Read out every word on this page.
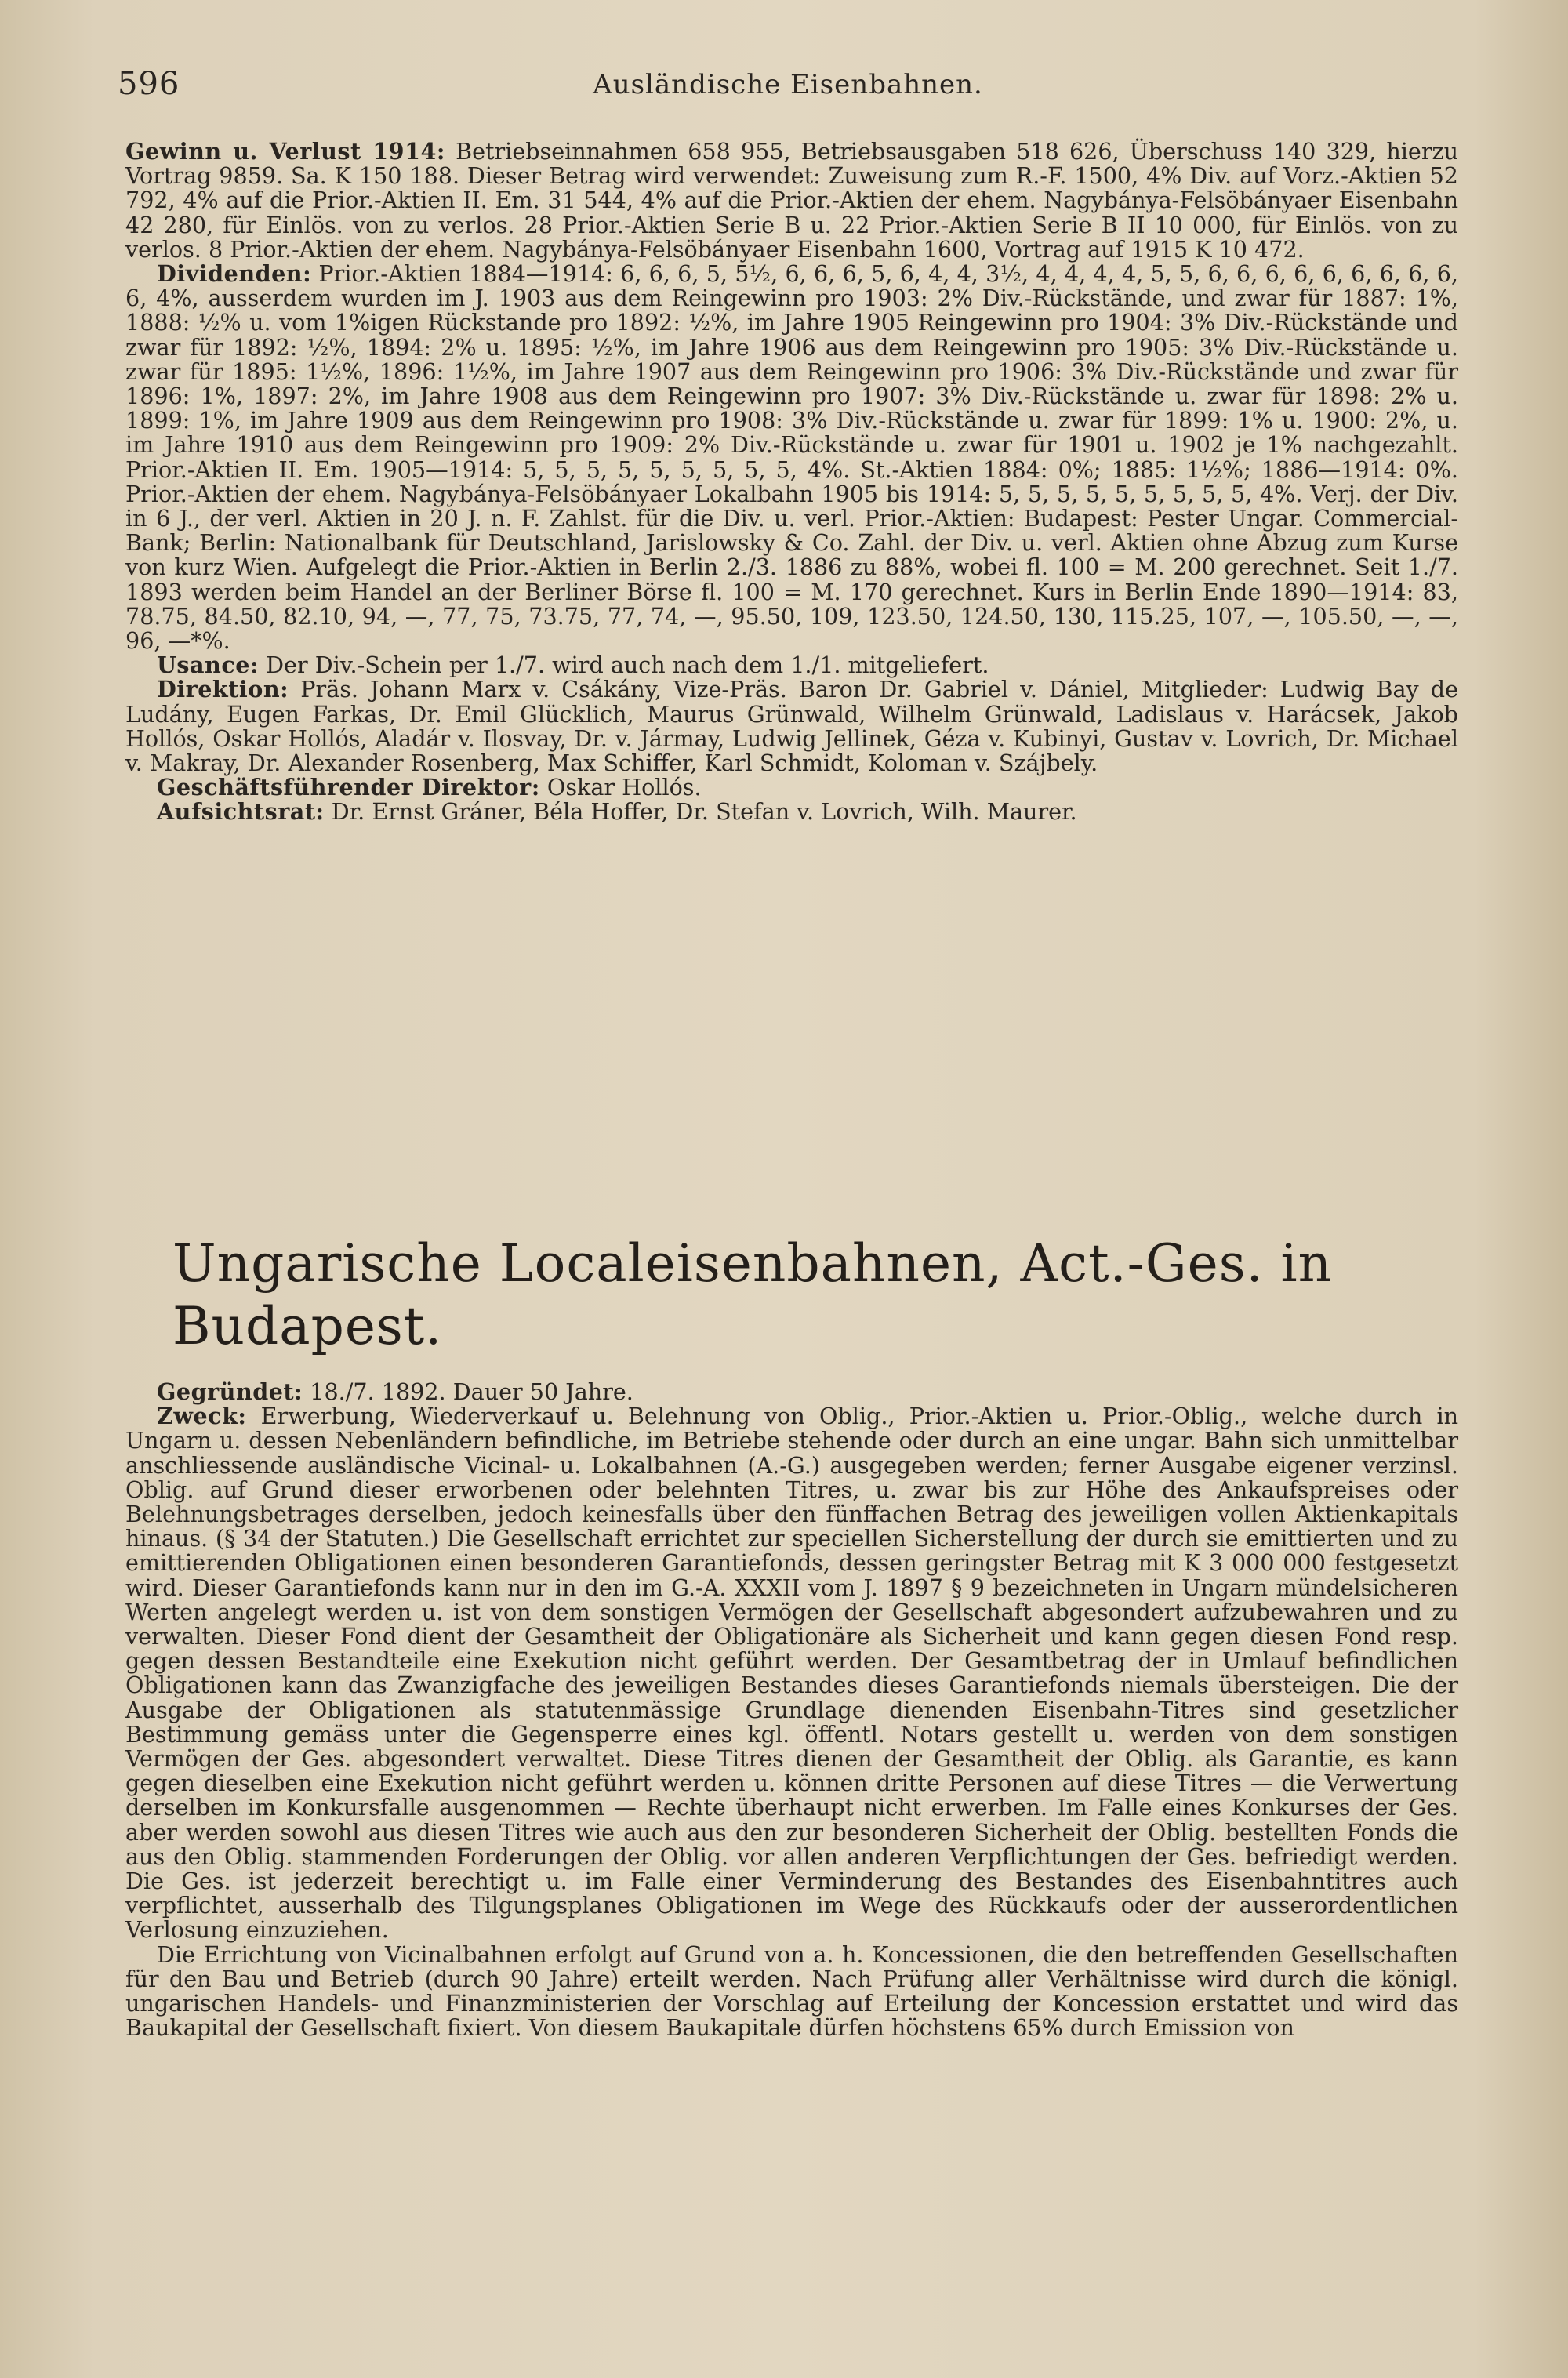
596	Ausländische Eisenbahnen.

Gewinn u. Verlust 1914: Betriebseinnahmen 658 955, Betriebsausgaben 518 626, Überschuss 140 329, hierzu Vortrag 9859. Sa. K 150 188. Dieser Betrag wird verwendet: Zuweisung zum R.-F. 1500, 4% Div. auf Vorz.-Aktien 52 792, 4% auf die Prior.-Aktien II. Em. 31 544, 4% auf die Prior.-Aktien der ehem. Nagybánya-Felsöbányaer Eisenbahn 42 280, für Einlös. von zu verlos. 28 Prior.-Aktien Serie B u. 22 Prior.-Aktien Serie B II 10 000, für Einlös. von zu verlos. 8 Prior.-Aktien der ehem. Nagybánya-Felsöbányaer Eisenbahn 1600, Vortrag auf 1915 K 10 472.

Dividenden: Prior.-Aktien 1884—1914: 6, 6, 6, 5, 5½, 6, 6, 6, 5, 6, 4, 4, 3½, 4, 4, 4, 4, 5, 5, 6, 6, 6, 6, 6, 6, 6, 6, 6, 6, 4%, ausserdem wurden im J. 1903 aus dem Reingewinn pro 1903: 2% Div.-Rückstände, und zwar für 1887: 1%, 1888: ½% u. vom 1%igen Rückstande pro 1892: ½%, im Jahre 1905 Reingewinn pro 1904: 3% Div.-Rückstände und zwar für 1892: ½%, 1894: 2% u. 1895: ½%, im Jahre 1906 aus dem Reingewinn pro 1905: 3% Div.-Rückstände u. zwar für 1895: 1½%, 1896: 1½%, im Jahre 1907 aus dem Reingewinn pro 1906: 3% Div.-Rückstände und zwar für 1896: 1%, 1897: 2%, im Jahre 1908 aus dem Reingewinn pro 1907: 3% Div.-Rückstände u. zwar für 1898: 2% u. 1899: 1%, im Jahre 1909 aus dem Reingewinn pro 1908: 3% Div.-Rückstände u. zwar für 1899: 1% u. 1900: 2%, u. im Jahre 1910 aus dem Reingewinn pro 1909: 2% Div.-Rückstände u. zwar für 1901 u. 1902 je 1% nachgezahlt. Prior.-Aktien II. Em. 1905—1914: 5, 5, 5, 5, 5, 5, 5, 5, 5, 4%. St.-Aktien 1884: 0%; 1885: 1½%; 1886—1914: 0%. Prior.-Aktien der ehem. Nagybánya-Felsöbányaer Lokalbahn 1905 bis 1914: 5, 5, 5, 5, 5, 5, 5, 5, 5, 4%. Verj. der Div. in 6 J., der verl. Aktien in 20 J. n. F. Zahlst. für die Div. u. verl. Prior.-Aktien: Budapest: Pester Ungar. Commercial-Bank; Berlin: Nationalbank für Deutschland, Jarislowsky & Co. Zahl. der Div. u. verl. Aktien ohne Abzug zum Kurse von kurz Wien. Aufgelegt die Prior.-Aktien in Berlin 2./3. 1886 zu 88%, wobei fl. 100 = M. 200 gerechnet. Seit 1./7. 1893 werden beim Handel an der Berliner Börse fl. 100 = M. 170 gerechnet. Kurs in Berlin Ende 1890—1914: 83, 78.75, 84.50, 82.10, 94, —, 77, 75, 73.75, 77, 74, —, 95.50, 109, 123.50, 124.50, 130, 115.25, 107, —, 105.50, —, —, 96, —*%.

Usance: Der Div.-Schein per 1./7. wird auch nach dem 1./1. mitgeliefert.

Direktion: Präs. Johann Marx v. Csákány, Vize-Präs. Baron Dr. Gabriel v. Dániel, Mitglieder: Ludwig Bay de Ludány, Eugen Farkas, Dr. Emil Glücklich, Maurus Grünwald, Wilhelm Grünwald, Ladislaus v. Harácsek, Jakob Hollós, Oskar Hollós, Aladár v. Ilosvay, Dr. v. Jármay, Ludwig Jellinek, Géza v. Kubinyi, Gustav v. Lovrich, Dr. Michael v. Makray, Dr. Alexander Rosenberg, Max Schiffer, Karl Schmidt, Koloman v. Szájbely.

Geschäftsführender Direktor: Oskar Hollós.

Aufsichtsrat: Dr. Ernst Gráner, Béla Hoffer, Dr. Stefan v. Lovrich, Wilh. Maurer.

Ungarische Localeisenbahnen, Act.-Ges. in Budapest.

Gegründet: 18./7. 1892. Dauer 50 Jahre.

Zweck: Erwerbung, Wiederverkauf u. Belehnung von Oblig., Prior.-Aktien u. Prior.-Oblig., welche durch in Ungarn u. dessen Nebenländern befindliche, im Betriebe stehende oder durch an eine ungar. Bahn sich unmittelbar anschliessende ausländische Vicinal- u. Lokalbahnen (A.-G.) ausgegeben werden; ferner Ausgabe eigener verzinsl. Oblig. auf Grund dieser erworbenen oder belehnten Titres, u. zwar bis zur Höhe des Ankaufspreises oder Belehnungsbetrages derselben, jedoch keinesfalls über den fünffachen Betrag des jeweiligen vollen Aktienkapitals hinaus. (§ 34 der Statuten.) Die Gesellschaft errichtet zur speciellen Sicherstellung der durch sie emittierten und zu emittierenden Obligationen einen besonderen Garantiefonds, dessen geringster Betrag mit K 3 000 000 festgesetzt wird. Dieser Garantiefonds kann nur in den im G.-A. XXXII vom J. 1897 § 9 bezeichneten in Ungarn mündelsicheren Werten angelegt werden u. ist von dem sonstigen Vermögen der Gesellschaft abgesondert aufzubewahren und zu verwalten. Dieser Fond dient der Gesamtheit der Obligationäre als Sicherheit und kann gegen diesen Fond resp. gegen dessen Bestandteile eine Exekution nicht geführt werden. Der Gesamtbetrag der in Umlauf befindlichen Obligationen kann das Zwanzigfache des jeweiligen Bestandes dieses Garantiefonds niemals übersteigen. Die der Ausgabe der Obligationen als statutenmässige Grundlage dienenden Eisenbahn-Titres sind gesetzlicher Bestimmung gemäss unter die Gegensperre eines kgl. öffentl. Notars gestellt u. werden von dem sonstigen Vermögen der Ges. abgesondert verwaltet. Diese Titres dienen der Gesamtheit der Oblig. als Garantie, es kann gegen dieselben eine Exekution nicht geführt werden u. können dritte Personen auf diese Titres — die Verwertung derselben im Konkursfalle ausgenommen — Rechte überhaupt nicht erwerben. Im Falle eines Konkurses der Ges. aber werden sowohl aus diesen Titres wie auch aus den zur besonderen Sicherheit der Oblig. bestellten Fonds die aus den Oblig. stammenden Forderungen der Oblig. vor allen anderen Verpflichtungen der Ges. befriedigt werden. Die Ges. ist jederzeit berechtigt u. im Falle einer Verminderung des Bestandes des Eisenbahntitres auch verpflichtet, ausserhalb des Tilgungsplanes Obligationen im Wege des Rückkaufs oder der ausserordentlichen Verlosung einzuziehen.

Die Errichtung von Vicinalbahnen erfolgt auf Grund von a. h. Koncessionen, die den betreffenden Gesellschaften für den Bau und Betrieb (durch 90 Jahre) erteilt werden. Nach Prüfung aller Verhältnisse wird durch die königl. ungarischen Handels- und Finanzministerien der Vorschlag auf Erteilung der Koncession erstattet und wird das Baukapital der Gesellschaft fixiert. Von diesem Baukapitale dürfen höchstens 65% durch Emission von
